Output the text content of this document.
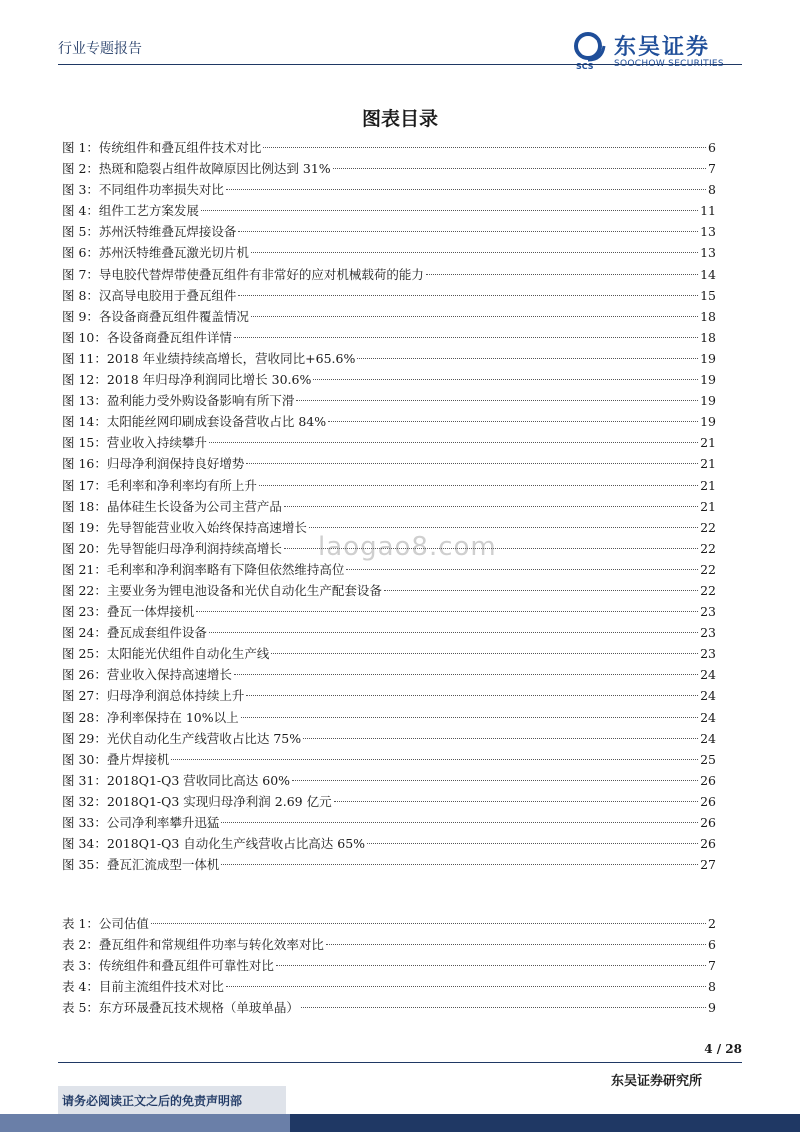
行业专题报告
SCS
东吴证券
SOOCHOW SECURITIES
图表目录
laogao8.com
图 1：传统组件和叠瓦组件技术对比	6
图 2：热斑和隐裂占组件故障原因比例达到 31%	7
图 3：不同组件功率损失对比	8
图 4：组件工艺方案发展	11
图 5：苏州沃特维叠瓦焊接设备	13
图 6：苏州沃特维叠瓦激光切片机	13
图 7：导电胶代替焊带使叠瓦组件有非常好的应对机械载荷的能力	14
图 8：汉高导电胶用于叠瓦组件	15
图 9：各设备商叠瓦组件覆盖情况	18
图 10：各设备商叠瓦组件详情	18
图 11：2018 年业绩持续高增长，营收同比+65.6%	19
图 12：2018 年归母净利润同比增长 30.6%	19
图 13：盈利能力受外购设备影响有所下滑	19
图 14：太阳能丝网印刷成套设备营收占比 84%	19
图 15：营业收入持续攀升	21
图 16：归母净利润保持良好增势	21
图 17：毛利率和净利率均有所上升	21
图 18：晶体硅生长设备为公司主营产品	21
图 19：先导智能营业收入始终保持高速增长	22
图 20：先导智能归母净利润持续高增长	22
图 21：毛利率和净利润率略有下降但依然维持高位	22
图 22：主要业务为锂电池设备和光伏自动化生产配套设备	22
图 23：叠瓦一体焊接机	23
图 24：叠瓦成套组件设备	23
图 25：太阳能光伏组件自动化生产线	23
图 26：营业收入保持高速增长	24
图 27：归母净利润总体持续上升	24
图 28：净利率保持在 10%以上	24
图 29：光伏自动化生产线营收占比达 75%	24
图 30：叠片焊接机	25
图 31：2018Q1-Q3 营收同比高达 60%	26
图 32：2018Q1-Q3 实现归母净利润 2.69 亿元	26
图 33：公司净利率攀升迅猛	26
图 34：2018Q1-Q3 自动化生产线营收占比高达 65%	26
图 35：叠瓦汇流成型一体机	27
表 1：公司估值	2
表 2：叠瓦组件和常规组件功率与转化效率对比	6
表 3：传统组件和叠瓦组件可靠性对比	7
表 4：目前主流组件技术对比	8
表 5：东方环晟叠瓦技术规格（单玻单晶）	9
4 / 28
东吴证券研究所
请务必阅读正文之后的免责声明部
